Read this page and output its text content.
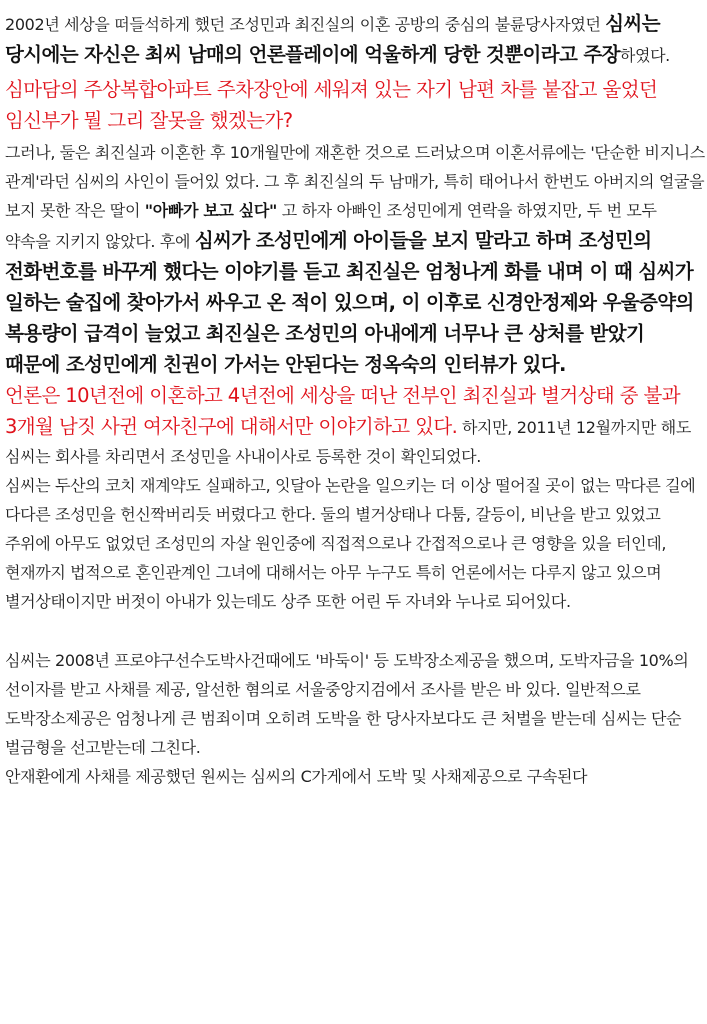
2002년 세상을 떠들석하게 했던 조성민과 최진실의 이혼 공방의 중심의 불륜당사자였던 심씨는 당시에는 자신은 최씨 남매의 언론플레이에 억울하게 당한 것뿐이라고 주장하였다.

심마담의 주상복합아파트 주차장안에 세워져 있는 자기 남편 차를 붙잡고 울었던 임신부가 뭘 그리 잘못을 했겠는가?

그러나, 둘은 최진실과 이혼한 후 10개월만에 재혼한 것으로 드러났으며 이혼서류에는 '단순한 비지니스 관계'라던 심씨의 사인이 들어있 었다. 그 후 최진실의 두 남매가, 특히 태어나서 한번도 아버지의 얼굴을 보지 못한 작은 딸이 "아빠가 보고 싶다" 고 하자 아빠인 조성민에게 연락을 하였지만, 두 번 모두 약속을 지키지 않았다. 후에 심씨가 조성민에게 아이들을 보지 말라고 하며 조성민의 전화번호를 바꾸게 했다는 이야기를 듣고 최진실은 엄청나게 화를 내며 이 때 심씨가 일하는 술집에 찾아가서 싸우고 온 적이 있으며, 이 이후로 신경안정제와 우울증약의 복용량이 급격이 늘었고 최진실은 조성민의 아내에게 너무나 큰 상처를 받았기 때문에 조성민에게 친권이 가서는 안된다는 정옥숙의 인터뷰가 있다.

언론은 10년전에 이혼하고 4년전에 세상을 떠난 전부인 최진실과 별거상태 중 불과 3개월 남짓 사귄 여자친구에 대해서만 이야기하고 있다. 하지만, 2011년 12월까지만 해도 심씨는 회사를 차리면서 조성민을 사내이사로 등록한 것이 확인되었다.

심씨는 두산의 코치 재계약도 실패하고, 잇달아 논란을 일으키는 더 이상 떨어질 곳이 없는 막다른 길에 다다른 조성민을 헌신짝버리듯 버렸다고 한다. 둘의 별거상태나 다툼, 갈등이, 비난을 받고 있었고 주위에 아무도 없었던 조성민의 자살 원인중에 직접적으로나 간접적으로나 큰 영향을 있을 터인데, 현재까지 법적으로 혼인관계인 그녀에 대해서는 아무 누구도 특히 언론에서는 다루지 않고 있으며 별거상태이지만 버젓이 아내가 있는데도 상주 또한 어린 두 자녀와 누나로 되어있다.

심씨는 2008년 프로야구선수도박사건때에도 '바둑이' 등 도박장소제공을 했으며, 도박자금을 10%의 선이자를 받고 사채를 제공, 알선한 혐의로 서울중앙지검에서 조사를 받은 바 있다. 일반적으로 도박장소제공은 엄청나게 큰 범죄이며 오히려 도박을 한 당사자보다도 큰 처벌을 받는데 심씨는 단순 벌금형을 선고받는데 그친다.

안재환에게 사채를 제공했던 원씨는 심씨의 C가게에서 도박 및 사채제공으로 구속된다
